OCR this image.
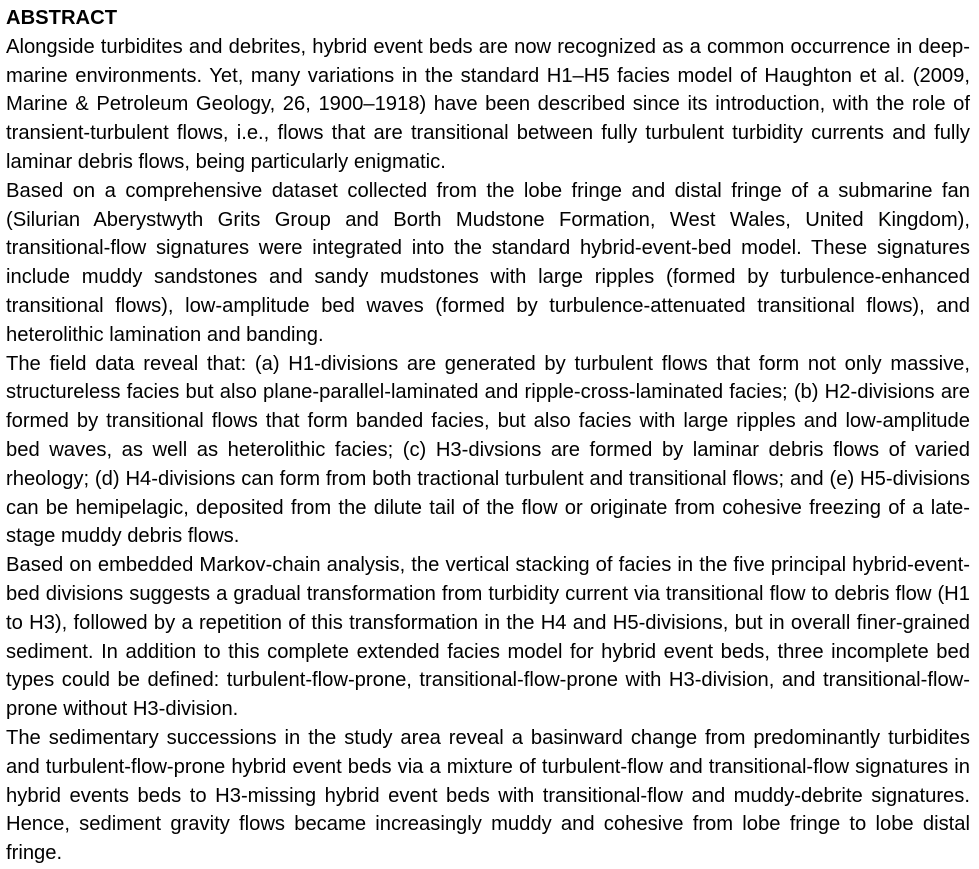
ABSTRACT

Alongside turbidites and debrites, hybrid event beds are now recognized as a common occurrence in deep-marine environments. Yet, many variations in the standard H1–H5 facies model of Haughton et al. (2009, Marine & Petroleum Geology, 26, 1900–1918) have been described since its introduction, with the role of transient-turbulent flows, i.e., flows that are transitional between fully turbulent turbidity currents and fully laminar debris flows, being particularly enigmatic.

Based on a comprehensive dataset collected from the lobe fringe and distal fringe of a submarine fan (Silurian Aberystwyth Grits Group and Borth Mudstone Formation, West Wales, United Kingdom), transitional-flow signatures were integrated into the standard hybrid-event-bed model. These signatures include muddy sandstones and sandy mudstones with large ripples (formed by turbulence-enhanced transitional flows), low-amplitude bed waves (formed by turbulence-attenuated transitional flows), and heterolithic lamination and banding.

The field data reveal that: (a) H1-divisions are generated by turbulent flows that form not only massive, structureless facies but also plane-parallel-laminated and ripple-cross-laminated facies; (b) H2-divisions are formed by transitional flows that form banded facies, but also facies with large ripples and low-amplitude bed waves, as well as heterolithic facies; (c) H3-divsions are formed by laminar debris flows of varied rheology; (d) H4-divisions can form from both tractional turbulent and transitional flows; and (e) H5-divisions can be hemipelagic, deposited from the dilute tail of the flow or originate from cohesive freezing of a late-stage muddy debris flows.

Based on embedded Markov-chain analysis, the vertical stacking of facies in the five principal hybrid-event-bed divisions suggests a gradual transformation from turbidity current via transitional flow to debris flow (H1 to H3), followed by a repetition of this transformation in the H4 and H5-divisions, but in overall finer-grained sediment. In addition to this complete extended facies model for hybrid event beds, three incomplete bed types could be defined: turbulent-flow-prone, transitional-flow-prone with H3-division, and transitional-flow-prone without H3-division.

The sedimentary successions in the study area reveal a basinward change from predominantly turbidites and turbulent-flow-prone hybrid event beds via a mixture of turbulent-flow and transitional-flow signatures in hybrid events beds to H3-missing hybrid event beds with transitional-flow and muddy-debrite signatures. Hence, sediment gravity flows became increasingly muddy and cohesive from lobe fringe to lobe distal fringe.
